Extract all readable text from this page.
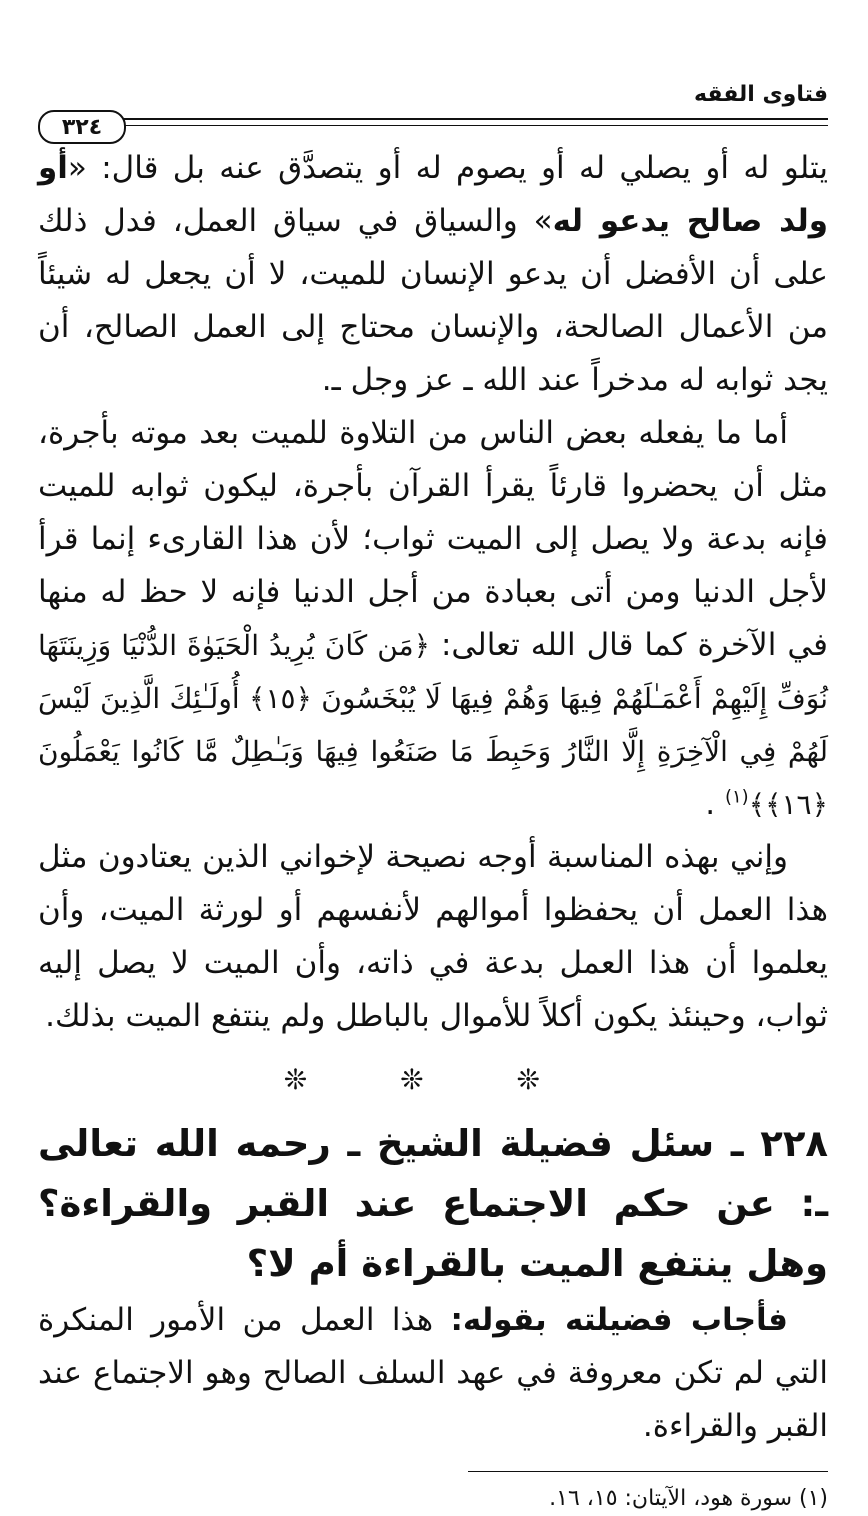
فتاوى الفقه
٣٢٤

يتلو له أو يصلي له أو يصوم له أو يتصدَّق عنه بل قال: «أو ولد صالح يدعو له» والسياق في سياق العمل، فدل ذلك على أن الأفضل أن يدعو الإنسان للميت، لا أن يجعل له شيئاً من الأعمال الصالحة، والإنسان محتاج إلى العمل الصالح، أن يجد ثوابه له مدخراً عند الله ـ عز وجل ـ.

أما ما يفعله بعض الناس من التلاوة للميت بعد موته بأجرة، مثل أن يحضروا قارئاً يقرأ القرآن بأجرة، ليكون ثوابه للميت فإنه بدعة ولا يصل إلى الميت ثواب؛ لأن هذا القارىء إنما قرأ لأجل الدنيا ومن أتى بعبادة من أجل الدنيا فإنه لا حظ له منها في الآخرة كما قال الله تعالى: ﴿مَن كَانَ يُرِيدُ الْحَيَوٰةَ الدُّنْيَا وَزِينَتَهَا نُوَفِّ إِلَيْهِمْ أَعْمَـٰلَهُمْ فِيهَا وَهُمْ فِيهَا لَا يُبْخَسُونَ ﴿١٥﴾ أُولَـٰئِكَ الَّذِينَ لَيْسَ لَهُمْ فِي الْآخِرَةِ إِلَّا النَّارُ وَحَبِطَ مَا صَنَعُوا فِيهَا وَبَـٰطِلٌ مَّا كَانُوا يَعْمَلُونَ ﴿١٦﴾﴾$^{(١)}$ .

وإني بهذه المناسبة أوجه نصيحة لإخواني الذين يعتادون مثل هذا العمل أن يحفظوا أموالهم لأنفسهم أو لورثة الميت، وأن يعلموا أن هذا العمل بدعة في ذاته، وأن الميت لا يصل إليه ثواب، وحينئذ يكون أكلاً للأموال بالباطل ولم ينتفع الميت بذلك.

❊ ❊ ❊

٢٢٨ ـ سئل فضيلة الشيخ ـ رحمه الله تعالى ـ: عن حكم الاجتماع عند القبر والقراءة؟ وهل ينتفع الميت بالقراءة أم لا؟

فأجاب فضيلته بقوله: هذا العمل من الأمور المنكرة التي لم تكن معروفة في عهد السلف الصالح وهو الاجتماع عند القبر والقراءة.

(١) سورة هود، الآيتان: ١٥، ١٦.
